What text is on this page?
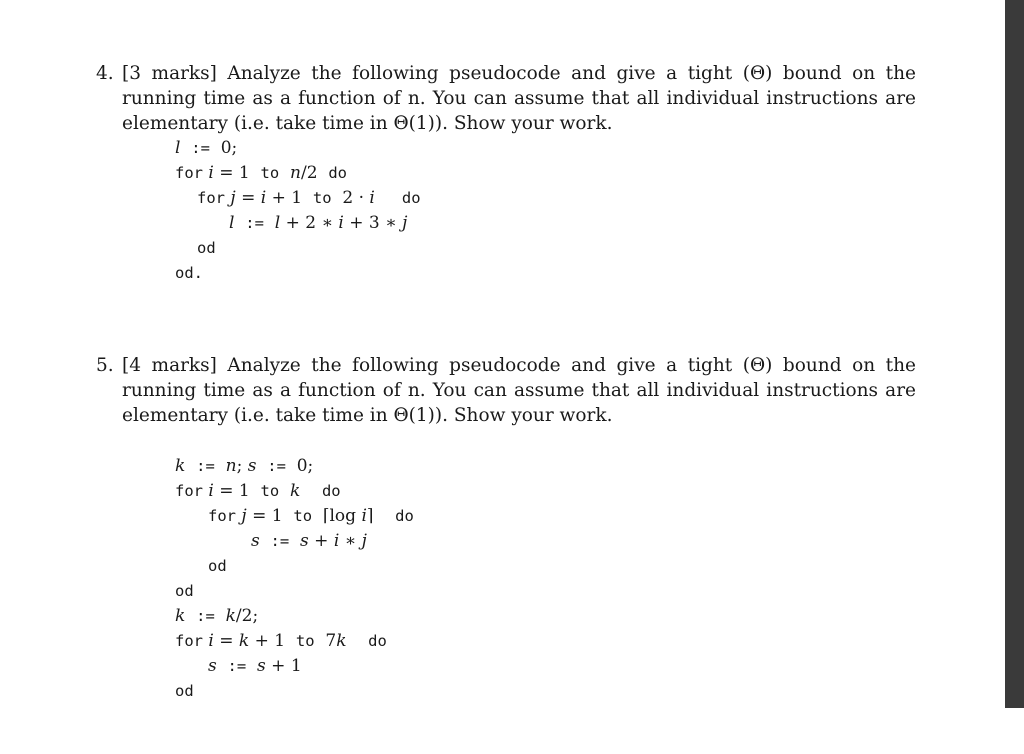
4. [3 marks] Analyze the following pseudocode and give a tight (Θ) bound on the running time as a function of n. You can assume that all individual instructions are elementary (i.e. take time in Θ(1)). Show your work.

l :=  0;

for i = 1  to n/2  do

for j = i + 1  to  2 · i do

l := l + 2 ∗ i + 3 ∗ j

od

od.

5. [4 marks] Analyze the following pseudocode and give a tight (Θ) bound on the running time as a function of n. You can assume that all individual instructions are elementary (i.e. take time in Θ(1)). Show your work.

k := n; s :=  0;

for i = 1  to k do

for j = 1  to  ⌈log i⌉    do

s := s + i ∗ j

od

od

k := k/2;

for i = k + 1  to  7k do

s := s + 1

od
